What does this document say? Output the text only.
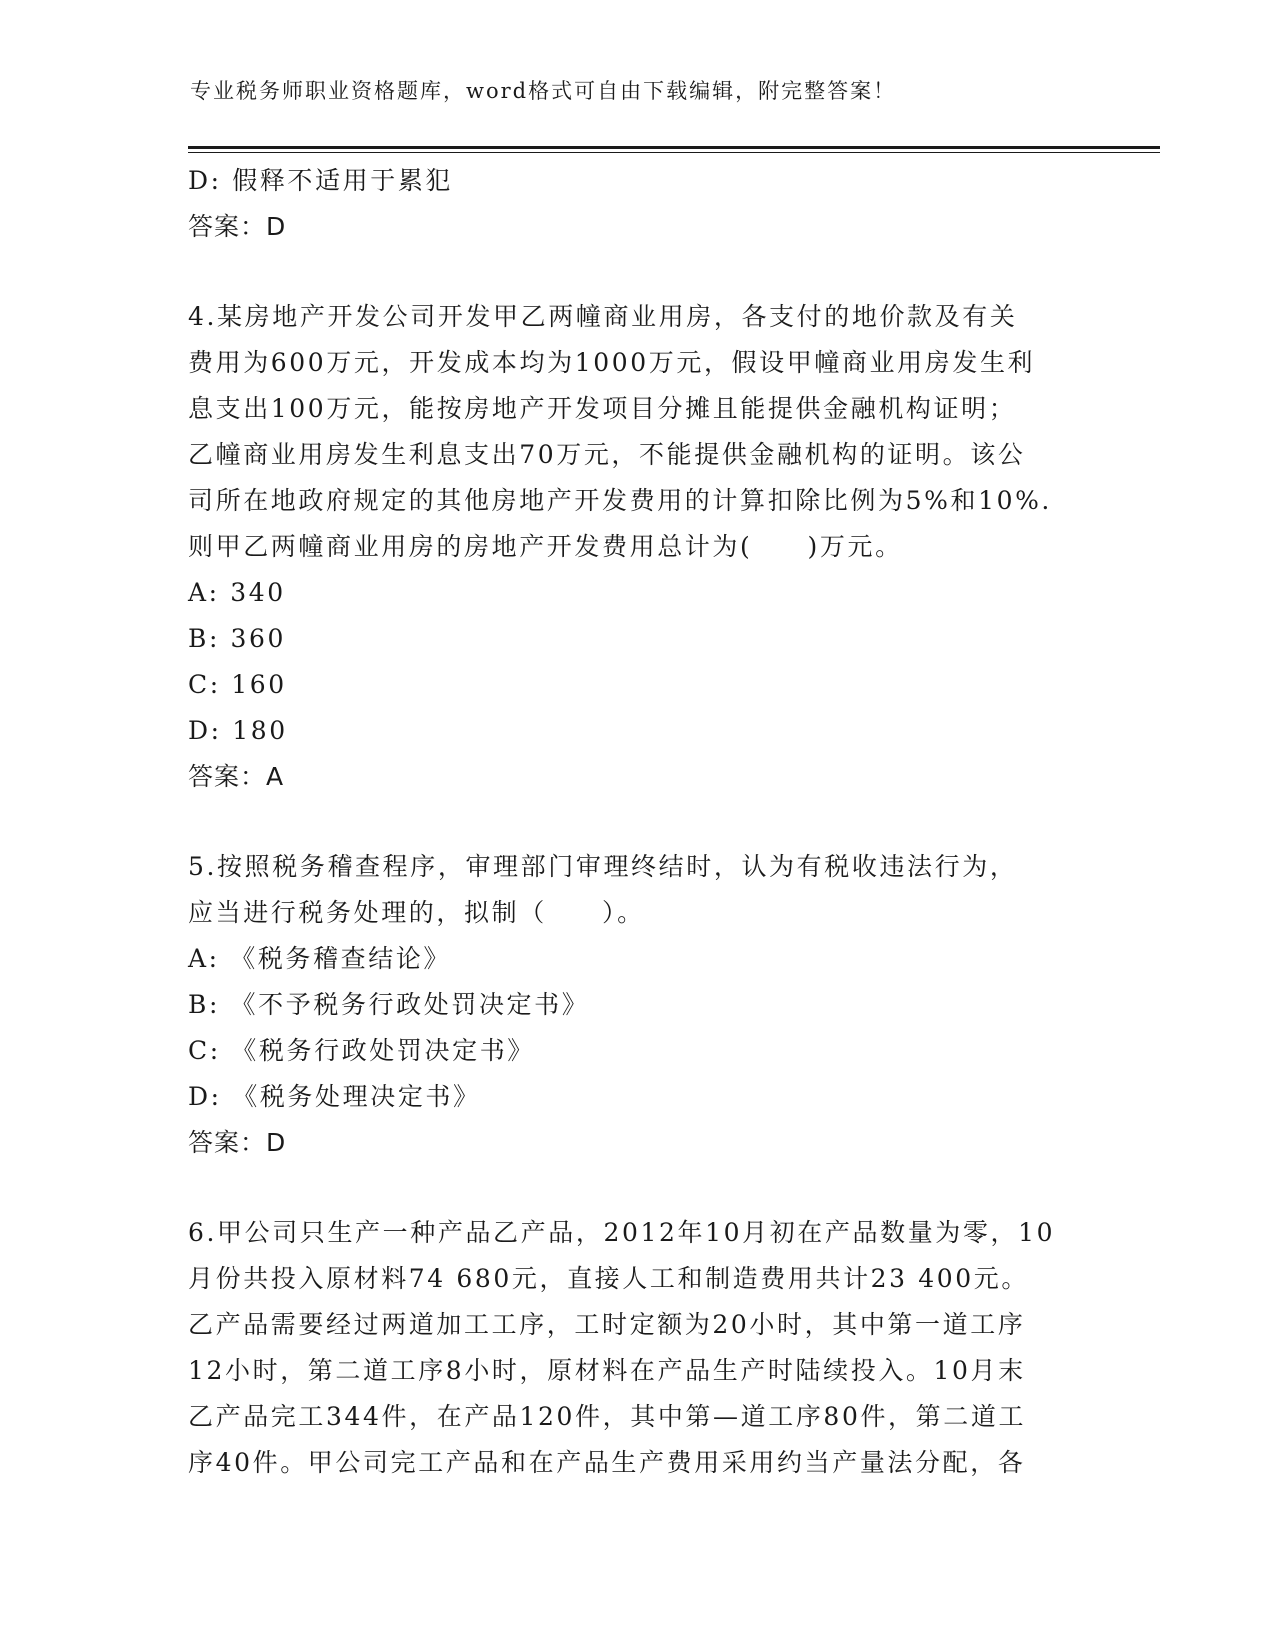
专业税务师职业资格题库，word格式可自由下载编辑，附完整答案！
D: 假释不适用于累犯
答案：D
4.某房地产开发公司开发甲乙两幢商业用房，各支付的地价款及有关
费用为600万元，开发成本均为1000万元，假设甲幢商业用房发生利
息支出100万元，能按房地产开发项目分摊且能提供金融机构证明；
乙幢商业用房发生利息支出70万元，不能提供金融机构的证明。该公
司所在地政府规定的其他房地产开发费用的计算扣除比例为5%和10%.
则甲乙两幢商业用房的房地产开发费用总计为(　　)万元。
A: 340
B: 360
C: 160
D: 180
答案：A
5.按照税务稽查程序，审理部门审理终结时，认为有税收违法行为，
应当进行税务处理的，拟制（　　）。
A: 《税务稽查结论》
B: 《不予税务行政处罚决定书》
C: 《税务行政处罚决定书》
D: 《税务处理决定书》
答案：D
6.甲公司只生产一种产品乙产品，2012年10月初在产品数量为零，10
月份共投入原材料74 680元，直接人工和制造费用共计23 400元。
乙产品需要经过两道加工工序，工时定额为20小时，其中第一道工序
12小时，第二道工序8小时，原材料在产品生产时陆续投入。10月末
乙产品完工344件，在产品120件，其中第—道工序80件，第二道工
序40件。甲公司完工产品和在产品生产费用采用约当产量法分配，各
